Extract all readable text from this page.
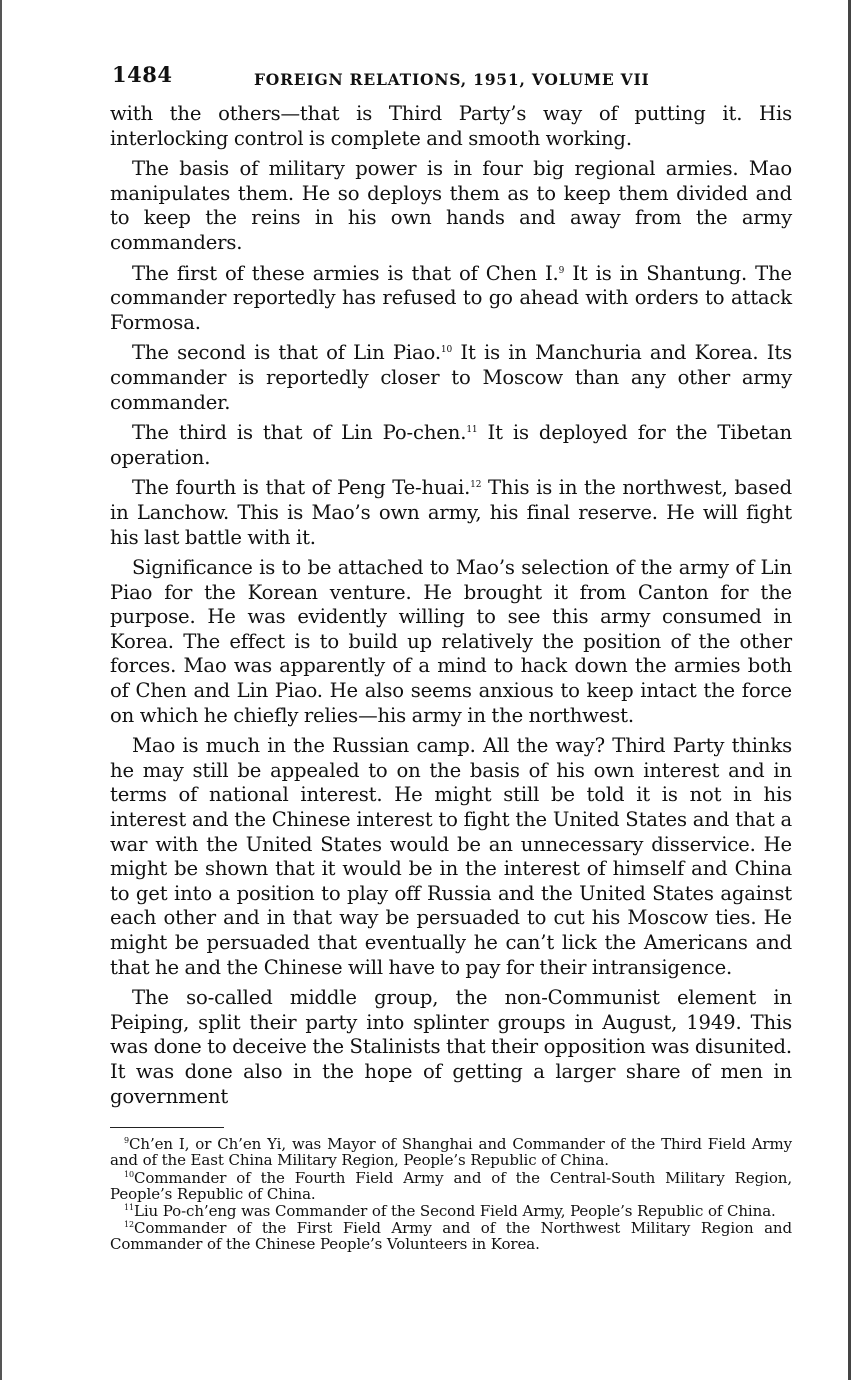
1484	FOREIGN RELATIONS, 1951, VOLUME VII

with the others—that is Third Party’s way of putting it. His interlocking control is complete and smooth working.

The basis of military power is in four big regional armies. Mao manipulates them. He so deploys them as to keep them divided and to keep the reins in his own hands and away from the army commanders.

The first of these armies is that of Chen I.$^9$ It is in Shantung. The commander reportedly has refused to go ahead with orders to attack Formosa.

The second is that of Lin Piao.$^{10}$ It is in Manchuria and Korea. Its commander is reportedly closer to Moscow than any other army commander.

The third is that of Lin Po-chen.$^{11}$ It is deployed for the Tibetan operation.

The fourth is that of Peng Te-huai.$^{12}$ This is in the northwest, based in Lanchow. This is Mao’s own army, his final reserve. He will fight his last battle with it.

Significance is to be attached to Mao’s selection of the army of Lin Piao for the Korean venture. He brought it from Canton for the purpose. He was evidently willing to see this army consumed in Korea. The effect is to build up relatively the position of the other forces. Mao was apparently of a mind to hack down the armies both of Chen and Lin Piao. He also seems anxious to keep intact the force on which he chiefly relies—his army in the northwest.

Mao is much in the Russian camp. All the way? Third Party thinks he may still be appealed to on the basis of his own interest and in terms of national interest. He might still be told it is not in his interest and the Chinese interest to fight the United States and that a war with the United States would be an unnecessary disservice. He might be shown that it would be in the interest of himself and China to get into a position to play off Russia and the United States against each other and in that way be persuaded to cut his Moscow ties. He might be persuaded that eventually he can’t lick the Americans and that he and the Chinese will have to pay for their intransigence.

The so-called middle group, the non-Communist element in Peiping, split their party into splinter groups in August, 1949. This was done to deceive the Stalinists that their opposition was disunited. It was done also in the hope of getting a larger share of men in government

$^9$Ch’en I, or Ch’en Yi, was Mayor of Shanghai and Commander of the Third Field Army and of the East China Military Region, People’s Republic of China.

$^{10}$Commander of the Fourth Field Army and of the Central-South Military Region, People’s Republic of China.

$^{11}$Liu Po-ch’eng was Commander of the Second Field Army, People’s Republic of China.

$^{12}$Commander of the First Field Army and of the Northwest Military Region and Commander of the Chinese People’s Volunteers in Korea.
